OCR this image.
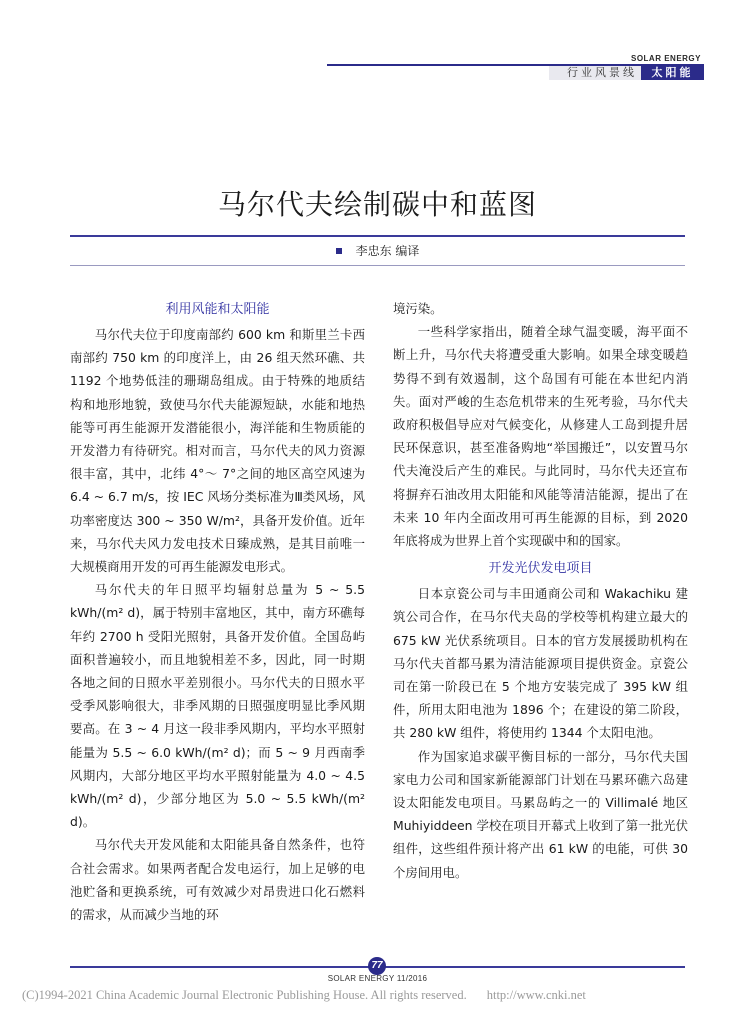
SOLAR ENERGY
行业风景线	太阳能
马尔代夫绘制碳中和蓝图
李忠东 编译
利用风能和太阳能

马尔代夫位于印度南部约 600 km 和斯里兰卡西南部约 750 km 的印度洋上，由 26 组天然环礁、共 1192 个地势低洼的珊瑚岛组成。由于特殊的地质结构和地形地貌，致使马尔代夫能源短缺，水能和地热能等可再生能源开发潜能很小，海洋能和生物质能的开发潜力有待研究。相对而言，马尔代夫的风力资源很丰富，其中，北纬 4°～ 7°之间的地区高空风速为 6.4 ~ 6.7 m/s，按 IEC 风场分类标准为Ⅲ类风场，风功率密度达 300 ~ 350 W/m²，具备开发价值。近年来，马尔代夫风力发电技术日臻成熟，是其目前唯一大规模商用开发的可再生能源发电形式。

马尔代夫的年日照平均辐射总量为 5 ~ 5.5 kWh/(m² d)，属于特别丰富地区，其中，南方环礁每年约 2700 h 受阳光照射，具备开发价值。全国岛屿面积普遍较小，而且地貌相差不多，因此，同一时期各地之间的日照水平差别很小。马尔代夫的日照水平受季风影响很大，非季风期的日照强度明显比季风期要高。在 3 ~ 4 月这一段非季风期内，平均水平照射能量为 5.5 ~ 6.0 kWh/(m² d)；而 5 ~ 9 月西南季风期内，大部分地区平均水平照射能量为 4.0 ~ 4.5 kWh/(m² d)，少部分地区为 5.0 ~ 5.5 kWh/(m² d)。

马尔代夫开发风能和太阳能具备自然条件，也符合社会需求。如果两者配合发电运行，加上足够的电池贮备和更换系统，可有效减少对昂贵进口化石燃料的需求，从而减少当地的环

境污染。

一些科学家指出，随着全球气温变暖，海平面不断上升，马尔代夫将遭受重大影响。如果全球变暖趋势得不到有效遏制，这个岛国有可能在本世纪内消失。面对严峻的生态危机带来的生死考验，马尔代夫政府积极倡导应对气候变化，从修建人工岛到提升居民环保意识，甚至准备购地“举国搬迁”，以安置马尔代夫淹没后产生的难民。与此同时，马尔代夫还宣布将摒弃石油改用太阳能和风能等清洁能源，提出了在未来 10 年内全面改用可再生能源的目标，到 2020 年底将成为世界上首个实现碳中和的国家。

开发光伏发电项目

日本京瓷公司与丰田通商公司和 Wakachiku 建筑公司合作，在马尔代夫岛的学校等机构建立最大的 675 kW 光伏系统项目。日本的官方发展援助机构在马尔代夫首都马累为清洁能源项目提供资金。京瓷公司在第一阶段已在 5 个地方安装完成了 395 kW 组件，所用太阳电池为 1896 个；在建设的第二阶段，共 280 kW 组件，将使用约 1344 个太阳电池。

作为国家追求碳平衡目标的一部分，马尔代夫国家电力公司和国家新能源部门计划在马累环礁六岛建设太阳能发电项目。马累岛屿之一的 Villimalé 地区 Muhiyiddeen 学校在项目开幕式上收到了第一批光伏组件，这些组件预计将产出 61 kW 的电能，可供 30 个房间用电。

77
SOLAR ENERGY 11/2016
(C)1994-2021 China Academic Journal Electronic Publishing House. All rights reserved. http://www.cnki.net
